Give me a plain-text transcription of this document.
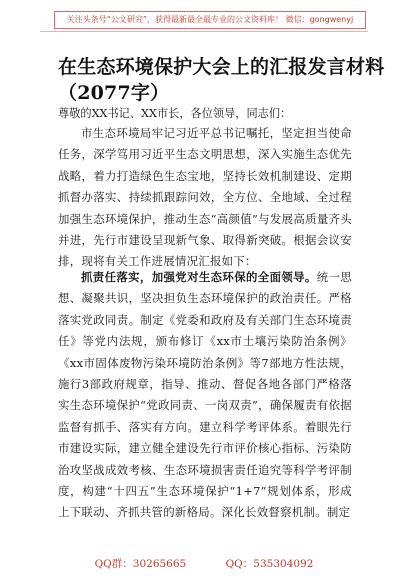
关注头条号“公文研究”，获得最新最全最专业的公文资料库！ 微信：gongwenyj
在生态环境保护大会上的汇报发言材料
（2077字）
尊敬的XX书记、XX市长，各位领导，同志们：
市生态环境局牢记习近平总书记嘱托，坚定担当使命任务，深学笃用习近平生态文明思想，深入实施生态优先战略，着力打造绿色生态宝地，坚持长效机制建设、定期抓督办落实、持续抓跟踪问效，全方位、全地域、全过程加强生态环境保护，推动生态“高颜值”与发展高质量齐头并进，先行市建设呈现新气象、取得新突破。根据会议安排，现将有关工作进展情况汇报如下：
抓责任落实，加强党对生态环保的全面领导。统一思想、凝聚共识，坚决担负生态环境保护的政治责任。严格落实党政同责。制定《党委和政府及有关部门生态环境责任》等党内法规，颁布修订《xx市土壤污染防治条例》《xx市固体废物污染环境防治条例》等7部地方性法规，施行3部政府规章，指导、推动、督促各地各部门严格落实生态环境保护“党政同责、一岗双责”，确保履责有依据监督有抓手、落实有方向。建立科学考评体系。着眼先行市建设实际，建立健全建设先行市评价核心指标、污染防治攻坚战成效考核、生态环境损害责任追究等科学考评制度，构建“十四五”生态环境保护“1+7”规划体系，形成上下联动、齐抓共管的新格局。深化长效督察机制。制定
QQ群：30265665	QQ：535304092
